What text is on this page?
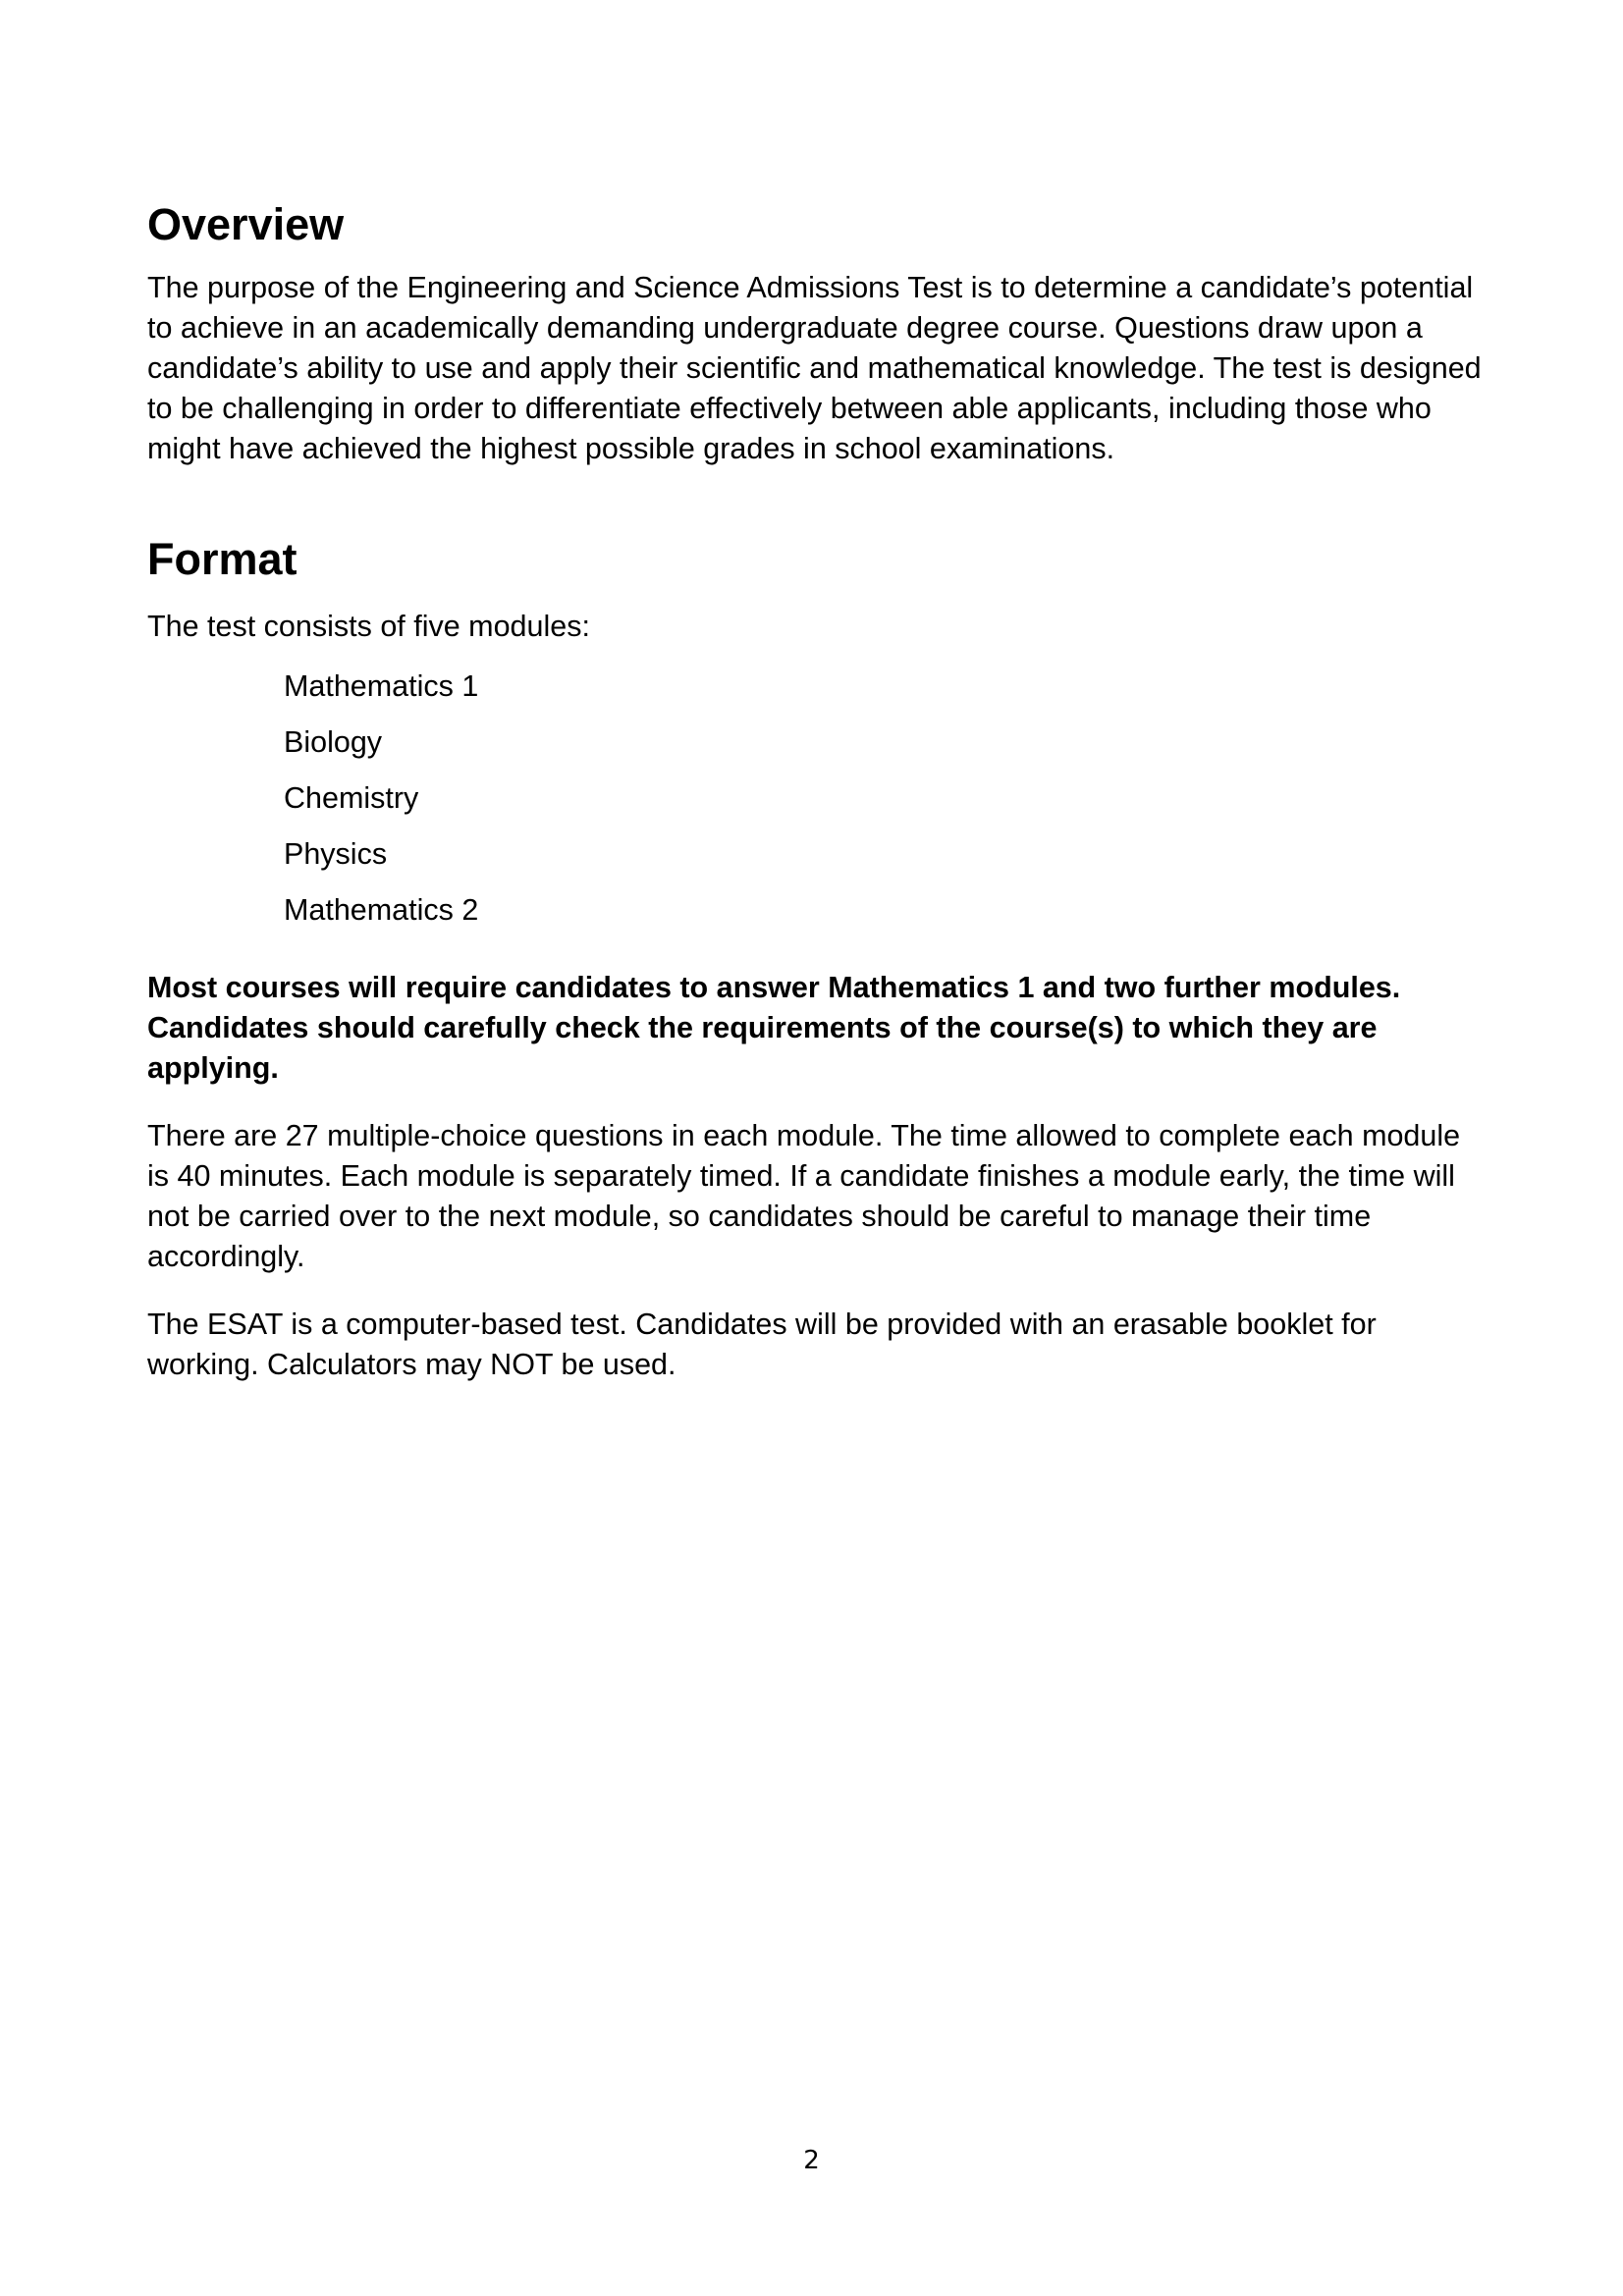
Overview

The purpose of the Engineering and Science Admissions Test is to determine a candidate’s potential to achieve in an academically demanding undergraduate degree course. Questions draw upon a candidate’s ability to use and apply their scientific and mathematical knowledge. The test is designed to be challenging in order to differentiate effectively between able applicants, including those who might have achieved the highest possible grades in school examinations.

Format

The test consists of five modules:

Mathematics 1
Biology
Chemistry
Physics
Mathematics 2

Most courses will require candidates to answer Mathematics 1 and two further modules. Candidates should carefully check the requirements of the course(s) to which they are applying.

There are 27 multiple-choice questions in each module. The time allowed to complete each module is 40 minutes. Each module is separately timed. If a candidate finishes a module early, the time will not be carried over to the next module, so candidates should be careful to manage their time accordingly.

The ESAT is a computer-based test. Candidates will be provided with an erasable booklet for working. Calculators may NOT be used.

2
